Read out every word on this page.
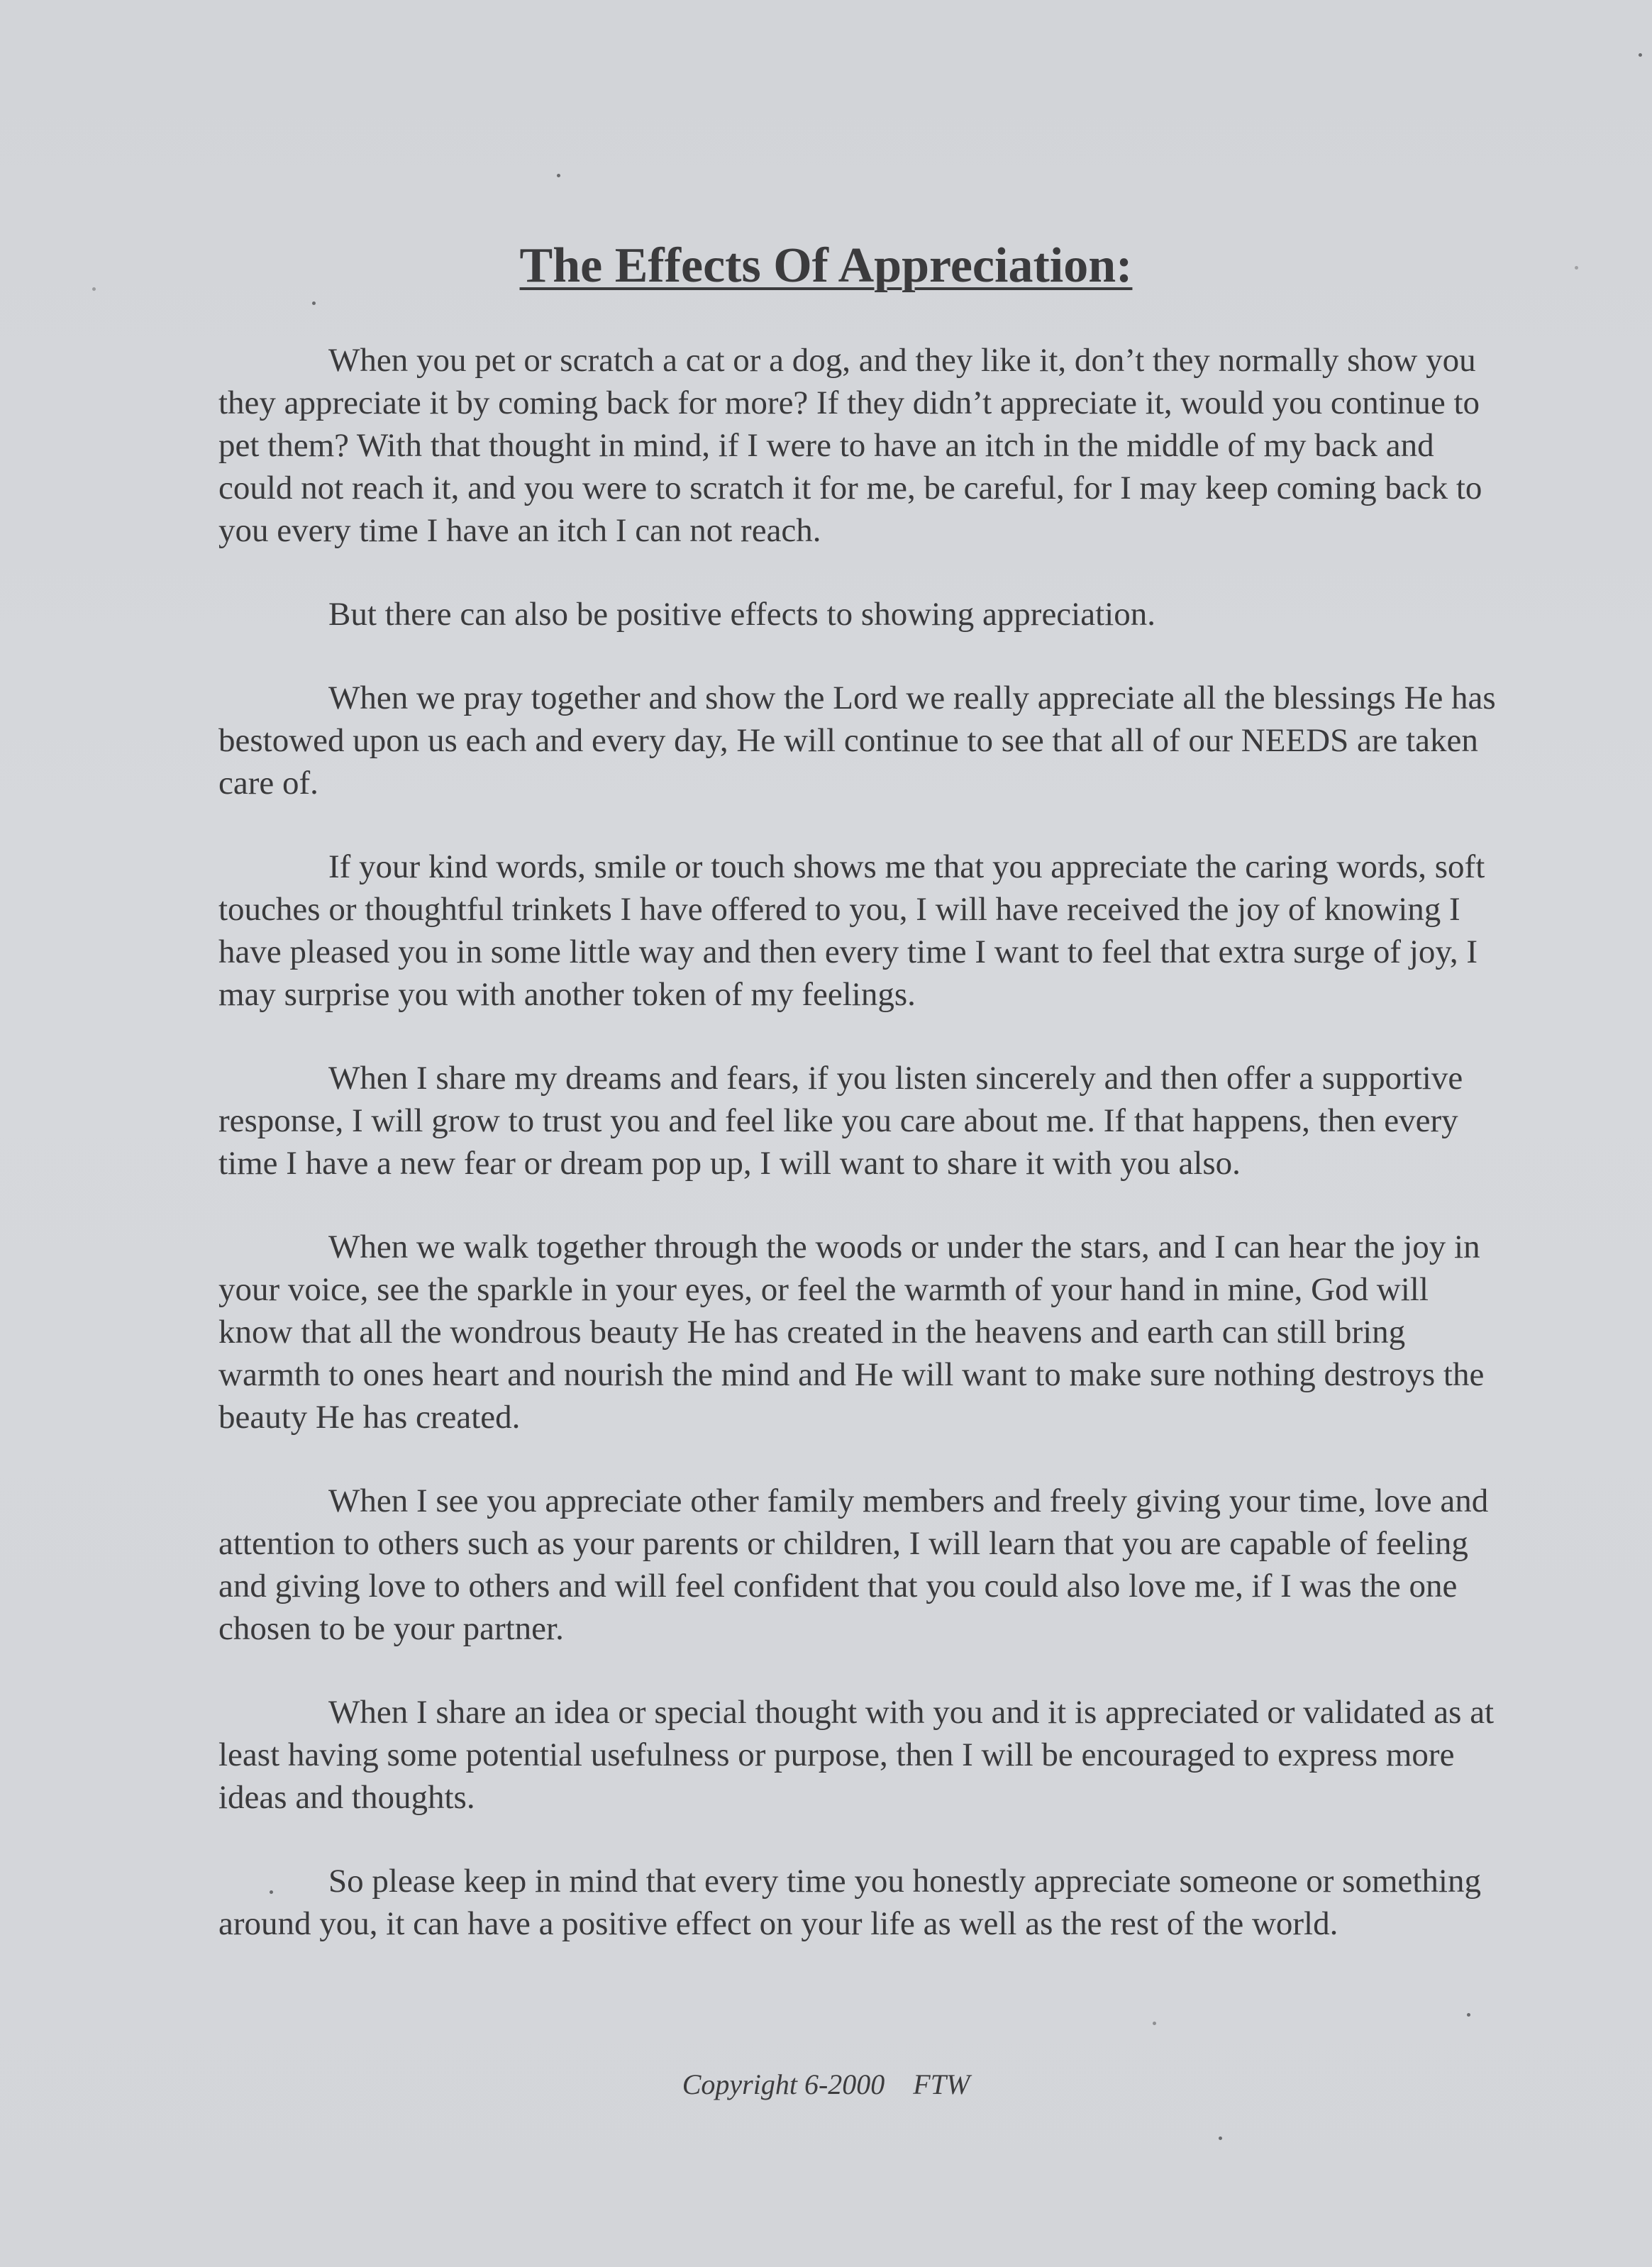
The Effects Of Appreciation:

When you pet or scratch a cat or a dog, and they like it, don’t they normally show you they appreciate it by coming back for more? If they didn’t appreciate it, would you continue to pet them? With that thought in mind, if I were to have an itch in the middle of my back and could not reach it, and you were to scratch it for me, be careful, for I may keep coming back to you every time I have an itch I can not reach.

But there can also be positive effects to showing appreciation.

When we pray together and show the Lord we really appreciate all the blessings He has bestowed upon us each and every day, He will continue to see that all of our NEEDS are taken care of.

If your kind words, smile or touch shows me that you appreciate the caring words, soft touches or thoughtful trinkets I have offered to you, I will have received the joy of knowing I have pleased you in some little way and then every time I want to feel that extra surge of joy, I may surprise you with another token of my feelings.

When I share my dreams and fears, if you listen sincerely and then offer a supportive response, I will grow to trust you and feel like you care about me. If that happens, then every time I have a new fear or dream pop up, I will want to share it with you also.

When we walk together through the woods or under the stars, and I can hear the joy in your voice, see the sparkle in your eyes, or feel the warmth of your hand in mine, God will know that all the wondrous beauty He has created in the heavens and earth can still bring warmth to ones heart and nourish the mind and He will want to make sure nothing destroys the beauty He has created.

When I see you appreciate other family members and freely giving your time, love and attention to others such as your parents or children, I will learn that you are capable of feeling and giving love to others and will feel confident that you could also love me, if I was the one chosen to be your partner.

When I share an idea or special thought with you and it is appreciated or validated as at least having some potential usefulness or purpose, then I will be encouraged to express more ideas and thoughts.

So please keep in mind that every time you honestly appreciate someone or something around you, it can have a positive effect on your life as well as the rest of the world.

Copyright 6-2000    FTW
